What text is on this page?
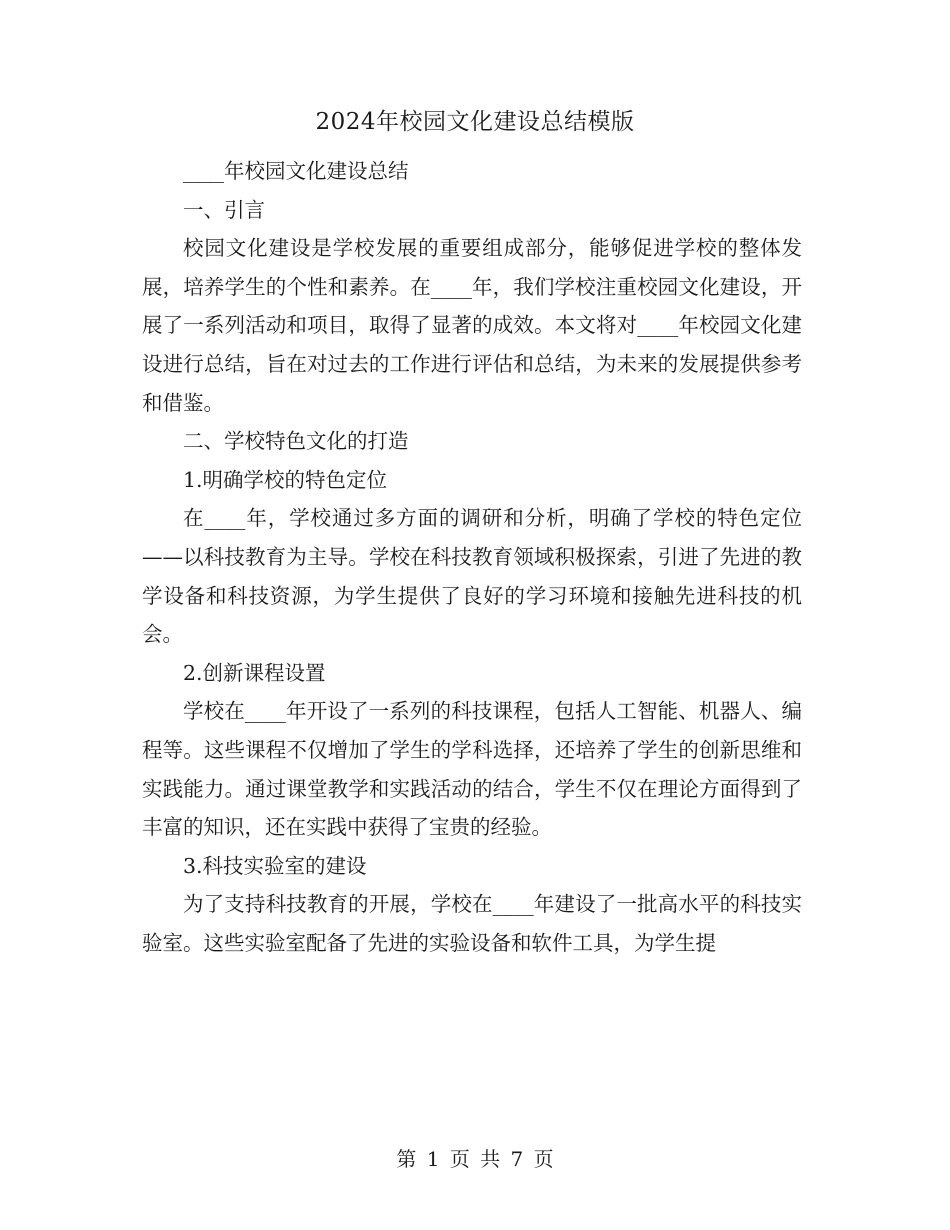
2024年校园文化建设总结模版

____年校园文化建设总结

一、引言

校园文化建设是学校发展的重要组成部分，能够促进学校的整体发展，培养学生的个性和素养。在____年，我们学校注重校园文化建设，开展了一系列活动和项目，取得了显著的成效。本文将对____年校园文化建设进行总结，旨在对过去的工作进行评估和总结，为未来的发展提供参考和借鉴。

二、学校特色文化的打造

1.明确学校的特色定位

在____年，学校通过多方面的调研和分析，明确了学校的特色定位——以科技教育为主导。学校在科技教育领域积极探索，引进了先进的教学设备和科技资源，为学生提供了良好的学习环境和接触先进科技的机会。

2.创新课程设置

学校在____年开设了一系列的科技课程，包括人工智能、机器人、编程等。这些课程不仅增加了学生的学科选择，还培养了学生的创新思维和实践能力。通过课堂教学和实践活动的结合，学生不仅在理论方面得到了丰富的知识，还在实践中获得了宝贵的经验。

3.科技实验室的建设

为了支持科技教育的开展，学校在____年建设了一批高水平的科技实验室。这些实验室配备了先进的实验设备和软件工具，为学生提

第 1 页 共 7 页
